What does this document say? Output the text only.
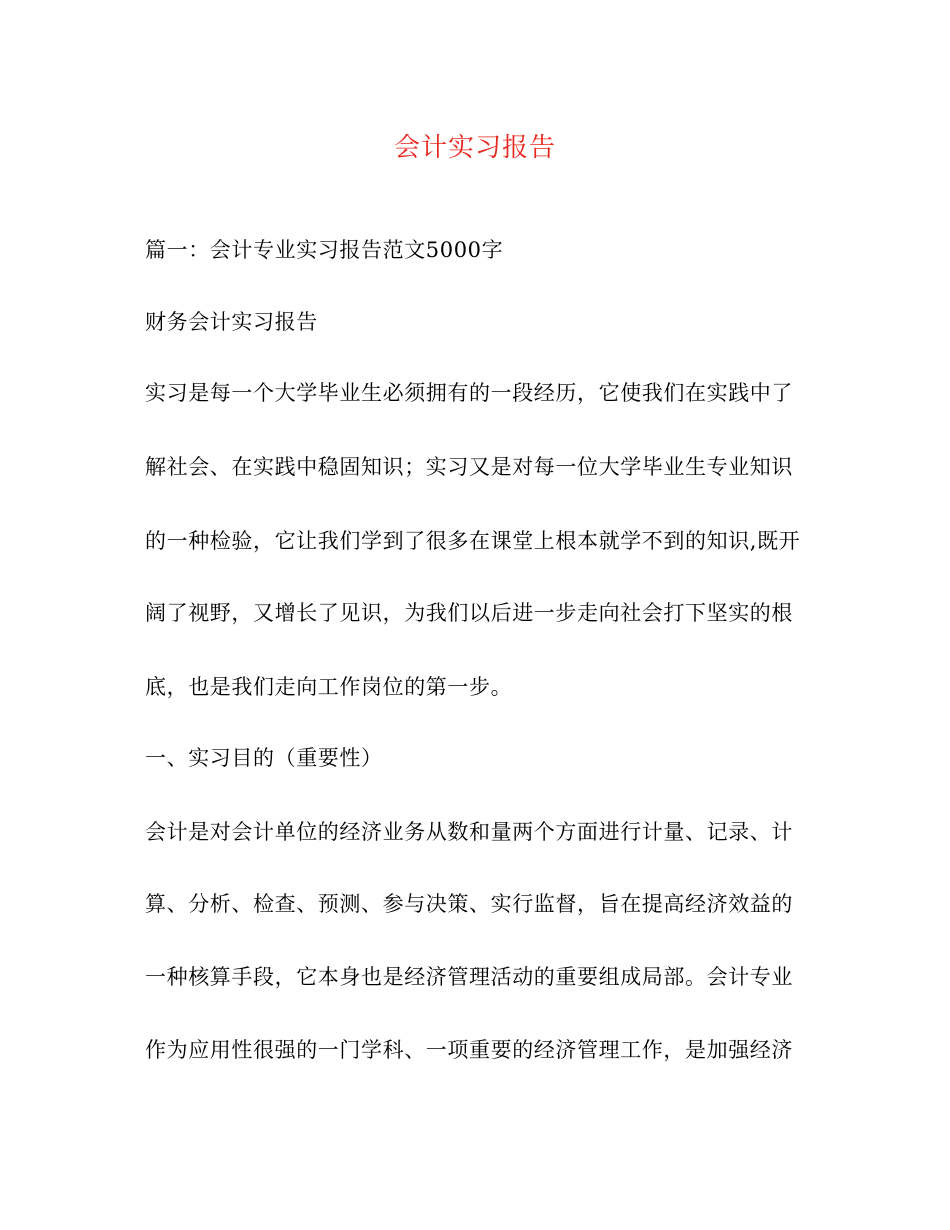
会计实习报告
篇一：会计专业实习报告范文5000字
财务会计实习报告
实习是每一个大学毕业生必须拥有的一段经历，它使我们在实践中了
解社会、在实践中稳固知识；实习又是对每一位大学毕业生专业知识
的一种检验，它让我们学到了很多在课堂上根本就学不到的知识,既开
阔了视野，又增长了见识，为我们以后进一步走向社会打下坚实的根
底，也是我们走向工作岗位的第一步。
一、实习目的（重要性）
会计是对会计单位的经济业务从数和量两个方面进行计量、记录、计
算、分析、检查、预测、参与决策、实行监督，旨在提高经济效益的
一种核算手段，它本身也是经济管理活动的重要组成局部。会计专业
作为应用性很强的一门学科、一项重要的经济管理工作，是加强经济
